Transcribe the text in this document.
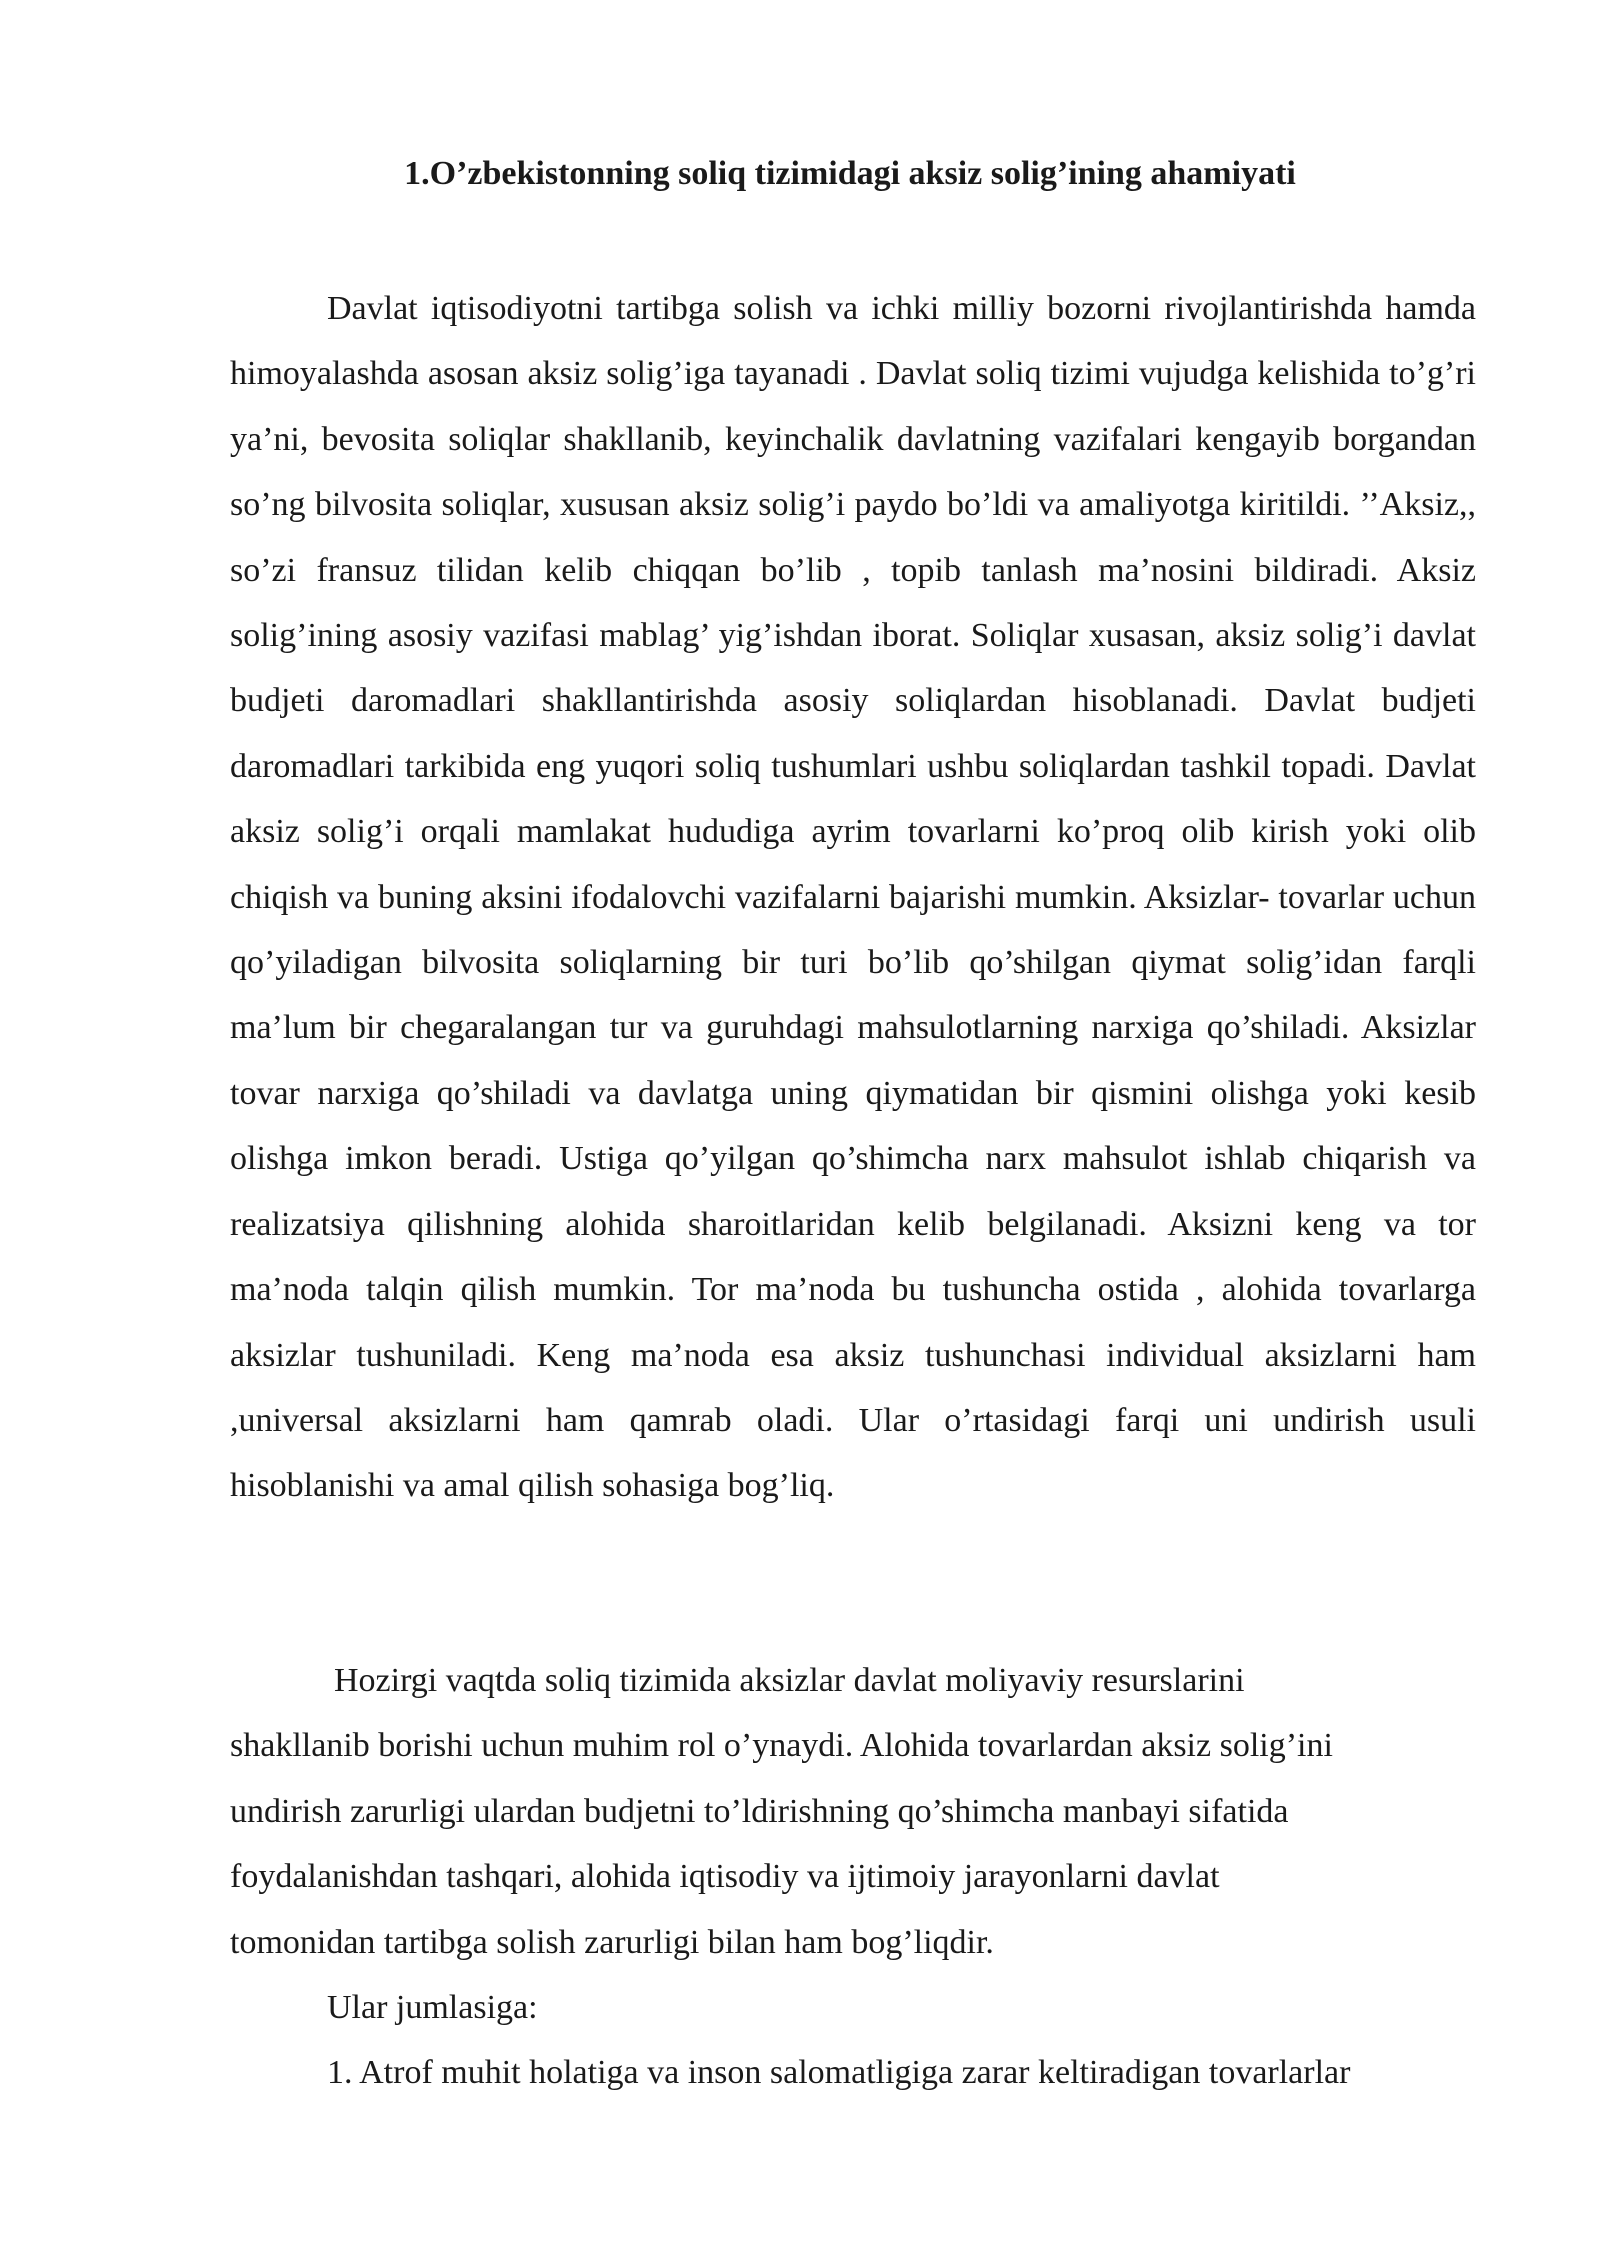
1.O’zbekistonning soliq tizimidagi aksiz solig’ining ahamiyati

Davlat iqtisodiyotni tartibga solish va ichki milliy bozorni rivojlantirishda hamda himoyalashda asosan aksiz solig’iga tayanadi . Davlat soliq tizimi vujudga kelishida to’g’ri ya’ni, bevosita soliqlar shakllanib, keyinchalik davlatning vazifalari kengayib borgandan so’ng bilvosita soliqlar, xususan aksiz solig’i paydo bo’ldi va amaliyotga kiritildi. ’’Aksiz,, so’zi fransuz tilidan kelib chiqqan bo’lib , topib tanlash ma’nosini bildiradi. Aksiz solig’ining asosiy vazifasi mablag’ yig’ishdan iborat. Soliqlar xusasan, aksiz solig’i davlat budjeti daromadlari shakllantirishda asosiy soliqlardan hisoblanadi. Davlat budjeti daromadlari tarkibida eng yuqori soliq tushumlari ushbu soliqlardan tashkil topadi. Davlat aksiz solig’i orqali mamlakat hududiga ayrim tovarlarni ko’proq olib kirish yoki olib chiqish va buning aksini ifodalovchi vazifalarni bajarishi mumkin. Aksizlar- tovarlar uchun qo’yiladigan bilvosita soliqlarning bir turi bo’lib qo’shilgan qiymat solig’idan farqli ma’lum bir chegaralangan tur va guruhdagi mahsulotlarning narxiga qo’shiladi. Aksizlar tovar narxiga qo’shiladi va davlatga uning qiymatidan bir qismini olishga yoki kesib olishga imkon beradi. Ustiga qo’yilgan qo’shimcha narx mahsulot ishlab chiqarish va realizatsiya qilishning alohida sharoitlaridan kelib belgilanadi. Aksizni keng va tor ma’noda talqin qilish mumkin. Tor ma’noda bu tushuncha ostida , alohida tovarlarga aksizlar tushuniladi. Keng ma’noda esa aksiz tushunchasi individual aksizlarni ham ,universal aksizlarni ham qamrab oladi. Ular o’rtasidagi farqi uni undirish usuli hisoblanishi va amal qilish sohasiga bog’liq.

Hozirgi vaqtda soliq tizimida aksizlar davlat moliyaviy resurslarini
shakllanib borishi uchun muhim rol o’ynaydi. Alohida tovarlardan aksiz solig’ini
undirish zarurligi ulardan budjetni to’ldirishning qo’shimcha manbayi sifatida
foydalanishdan tashqari, alohida iqtisodiy va ijtimoiy jarayonlarni davlat
tomonidan tartibga solish zarurligi bilan ham bog’liqdir.
Ular jumlasiga:
1. Atrof muhit holatiga va inson salomatligiga zarar keltiradigan tovarlarlar
